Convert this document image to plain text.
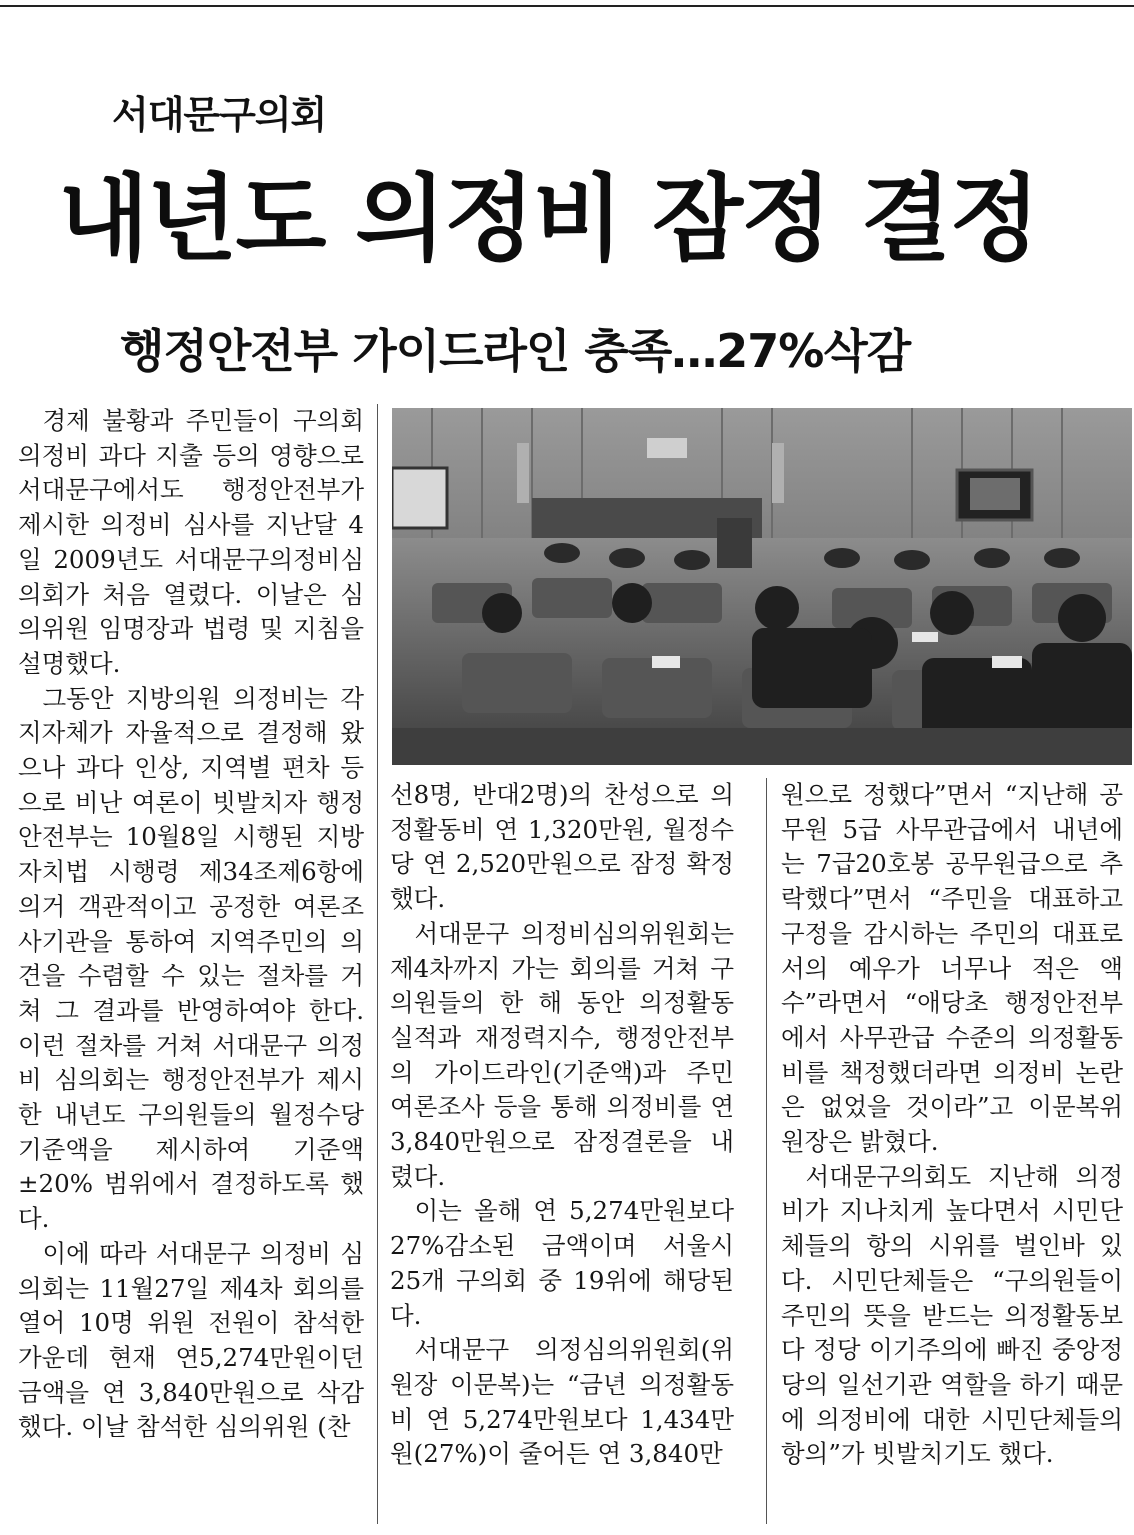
서대문구의회
내년도 의정비 잠정 결정
행정안전부 가이드라인 충족…27%삭감

경제 불황과 주민들이 구의회 의정비 과다 지출 등의 영향으로 서대문구에서도 행정안전부가 제시한 의정비 심사를 지난달 4일 2009년도 서대문구의정비심의회가 처음 열렸다. 이날은 심의위원 임명장과 법령 및 지침을 설명했다.

그동안 지방의원 의정비는 각 지자체가 자율적으로 결정해 왔으나 과다 인상, 지역별 편차 등으로 비난 여론이 빗발치자 행정안전부는 10월8일 시행된 지방자치법 시행령 제34조제6항에 의거 객관적이고 공정한 여론조사기관을 통하여 지역주민의 의견을 수렴할 수 있는 절차를 거쳐 그 결과를 반영하여야 한다. 이런 절차를 거쳐 서대문구 의정비 심의회는 행정안전부가 제시한 내년도 구의원들의 월정수당 기준액을 제시하여 기준액 ±20% 범위에서 결정하도록 했다.

이에 따라 서대문구 의정비 심의회는 11월27일 제4차 회의를 열어 10명 위원 전원이 참석한 가운데 현재 연5,274만원이던 금액을 연 3,840만원으로 삭감했다. 이날 참석한 심의위원 (찬

선8명, 반대2명)의 찬성으로 의정활동비 연 1,320만원, 월정수당 연 2,520만원으로 잠정 확정했다.

서대문구 의정비심의위원회는 제4차까지 가는 회의를 거쳐 구의원들의 한 해 동안 의정활동 실적과 재정력지수, 행정안전부의 가이드라인(기준액)과 주민 여론조사 등을 통해 의정비를 연 3,840만원으로 잠정결론을 내렸다.

이는 올해 연 5,274만원보다 27%감소된 금액이며 서울시 25개 구의회 중 19위에 해당된다.

서대문구 의정심의위원회(위원장 이문복)는 “금년 의정활동비 연 5,274만원보다 1,434만원(27%)이 줄어든 연 3,840만

원으로 정했다”면서 “지난해 공무원 5급 사무관급에서 내년에는 7급20호봉 공무원급으로 추락했다”면서 “주민을 대표하고 구정을 감시하는 주민의 대표로서의 예우가 너무나 적은 액수”라면서 “애당초 행정안전부에서 사무관급 수준의 의정활동비를 책정했더라면 의정비 논란은 없었을 것이라”고 이문복위원장은 밝혔다.

서대문구의회도 지난해 의정비가 지나치게 높다면서 시민단체들의 항의 시위를 벌인바 있다. 시민단체들은 “구의원들이 주민의 뜻을 받드는 의정활동보다 정당 이기주의에 빠진 중앙정당의 일선기관 역할을 하기 때문에 의정비에 대한 시민단체들의 항의”가 빗발치기도 했다.
